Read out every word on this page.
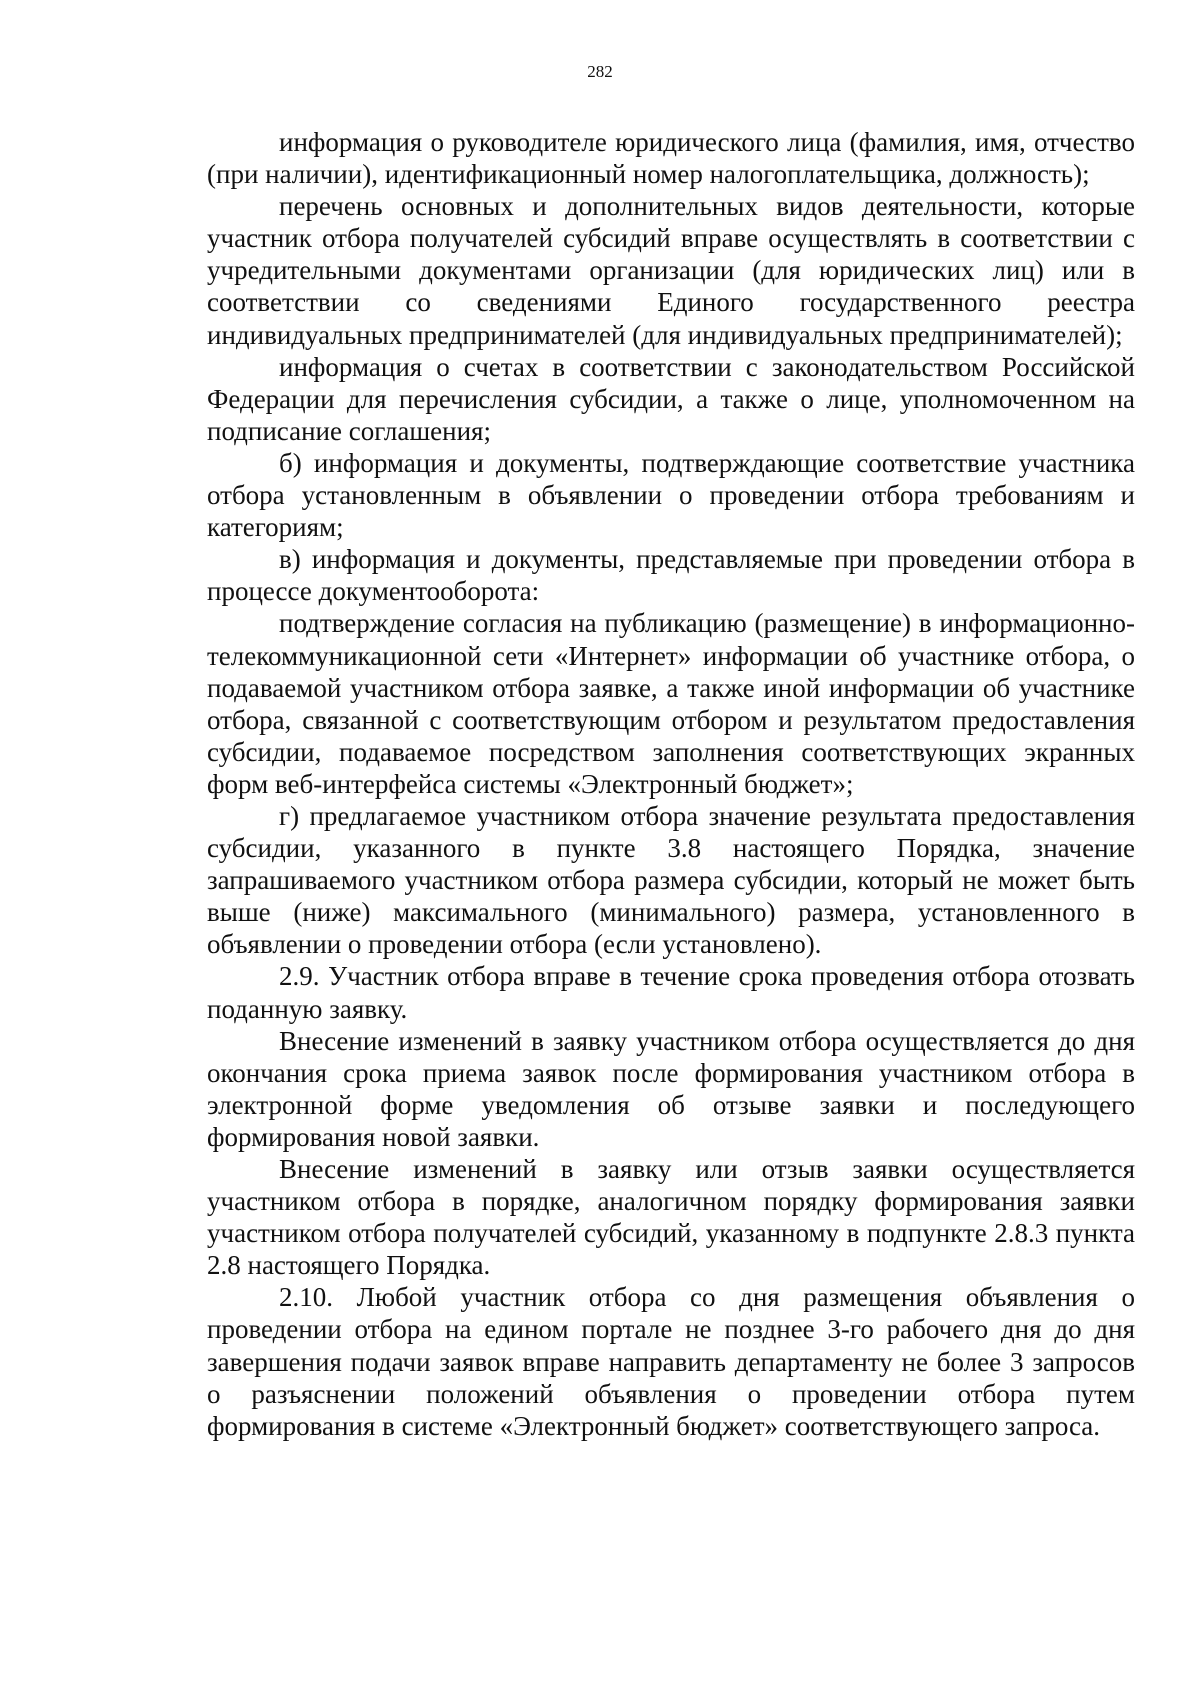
282

информация о руководителе юридического лица (фамилия, имя, отчество (при наличии), идентификационный номер налогоплательщика, должность);

перечень основных и дополнительных видов деятельности, которые участник отбора получателей субсидий вправе осуществлять в соответствии с учредительными документами организации (для юридических лиц) или в соответствии со сведениями Единого государственного реестра индивидуальных предпринимателей (для индивидуальных предпринимателей);

информация о счетах в соответствии с законодательством Российской Федерации для перечисления субсидии, а также о лице, уполномоченном на подписание соглашения;

б) информация и документы, подтверждающие соответствие участника отбора установленным в объявлении о проведении отбора требованиям и категориям;

в) информация и документы, представляемые при проведении отбора в процессе документооборота:

подтверждение согласия на публикацию (размещение) в информационно-телекоммуникационной сети «Интернет» информации об участнике отбора, о подаваемой участником отбора заявке, а также иной информации об участнике отбора, связанной с соответствующим отбором и результатом предоставления субсидии, подаваемое посредством заполнения соответствующих экранных форм веб-интерфейса системы «Электронный бюджет»;

г) предлагаемое участником отбора значение результата предоставления субсидии, указанного в пункте 3.8 настоящего Порядка, значение запрашиваемого участником отбора размера субсидии, который не может быть выше (ниже) максимального (минимального) размера, установленного в объявлении о проведении отбора (если установлено).

2.9. Участник отбора вправе в течение срока проведения отбора отозвать поданную заявку.

Внесение изменений в заявку участником отбора осуществляется до дня окончания срока приема заявок после формирования участником отбора в электронной форме уведомления об отзыве заявки и последующего формирования новой заявки.

Внесение изменений в заявку или отзыв заявки осуществляется участником отбора в порядке, аналогичном порядку формирования заявки участником отбора получателей субсидий, указанному в подпункте 2.8.3 пункта 2.8 настоящего Порядка.

2.10. Любой участник отбора со дня размещения объявления о проведении отбора на едином портале не позднее 3-го рабочего дня до дня завершения подачи заявок вправе направить департаменту не более 3 запросов о разъяснении положений объявления о проведении отбора путем формирования в системе «Электронный бюджет» соответствующего запроса.
